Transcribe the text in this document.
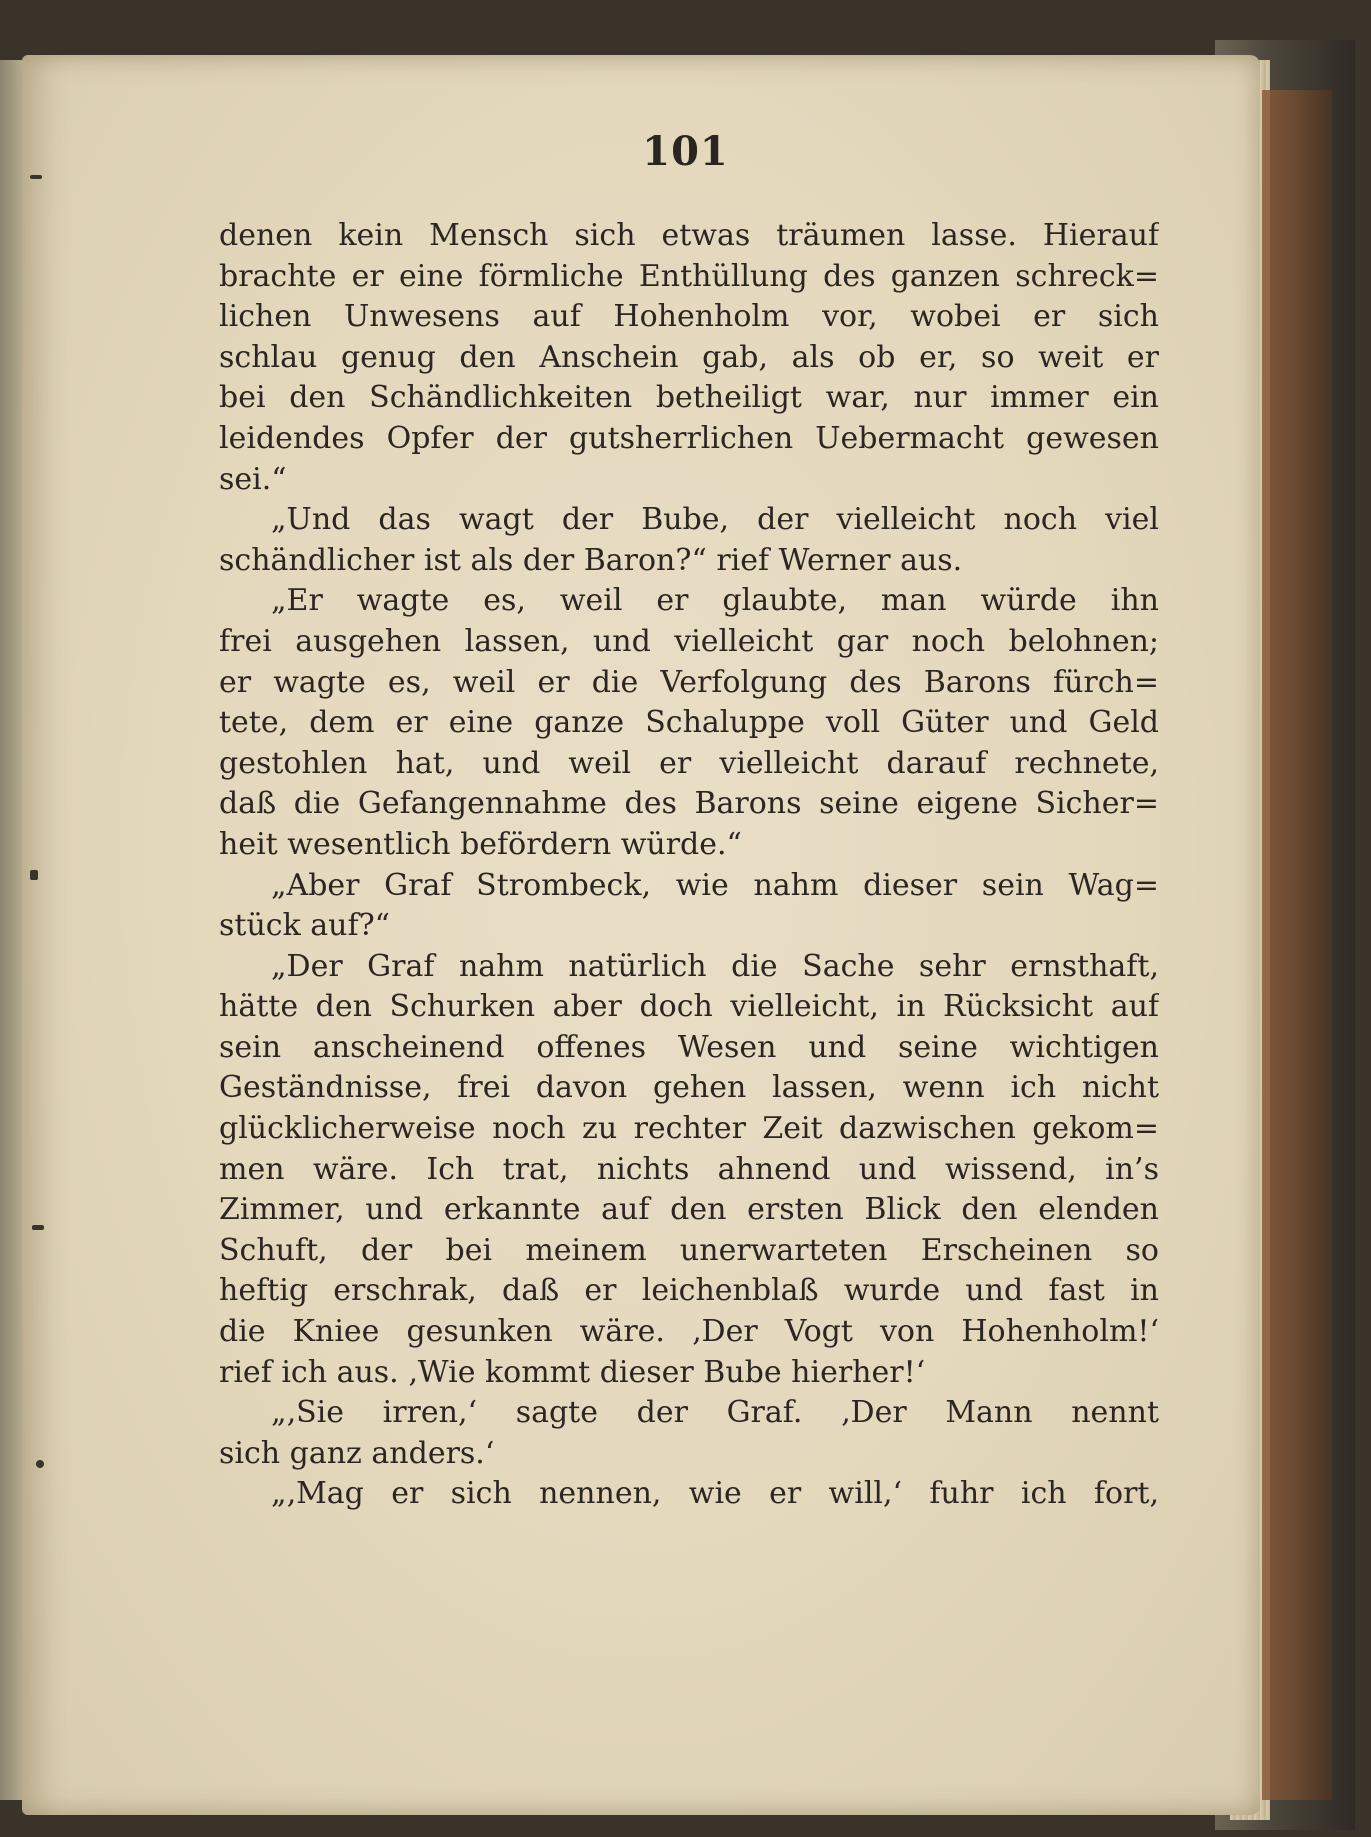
101
denen kein Mensch sich etwas träumen lasse. Hierauf
brachte er eine förmliche Enthüllung des ganzen schreck=
lichen Unwesens auf Hohenholm vor, wobei er sich
schlau genug den Anschein gab, als ob er, so weit er
bei den Schändlichkeiten betheiligt war, nur immer ein
leidendes Opfer der gutsherrlichen Uebermacht gewesen
sei.“
„Und das wagt der Bube, der vielleicht noch viel
schändlicher ist als der Baron?“ rief Werner aus.
„Er wagte es, weil er glaubte, man würde ihn
frei ausgehen lassen, und vielleicht gar noch belohnen;
er wagte es, weil er die Verfolgung des Barons fürch=
tete, dem er eine ganze Schaluppe voll Güter und Geld
gestohlen hat, und weil er vielleicht darauf rechnete,
daß die Gefangennahme des Barons seine eigene Sicher=
heit wesentlich befördern würde.“
„Aber Graf Strombeck, wie nahm dieser sein Wag=
stück auf?“
„Der Graf nahm natürlich die Sache sehr ernsthaft,
hätte den Schurken aber doch vielleicht, in Rücksicht auf
sein anscheinend offenes Wesen und seine wichtigen
Geständnisse, frei davon gehen lassen, wenn ich nicht
glücklicherweise noch zu rechter Zeit dazwischen gekom=
men wäre. Ich trat, nichts ahnend und wissend, in’s
Zimmer, und erkannte auf den ersten Blick den elenden
Schuft, der bei meinem unerwarteten Erscheinen so
heftig erschrak, daß er leichenblaß wurde und fast in
die Kniee gesunken wäre. ‚Der Vogt von Hohenholm!‘
rief ich aus. ‚Wie kommt dieser Bube hierher!‘
„‚Sie irren,‘ sagte der Graf. ‚Der Mann nennt
sich ganz anders.‘
„‚Mag er sich nennen, wie er will,‘ fuhr ich fort,
